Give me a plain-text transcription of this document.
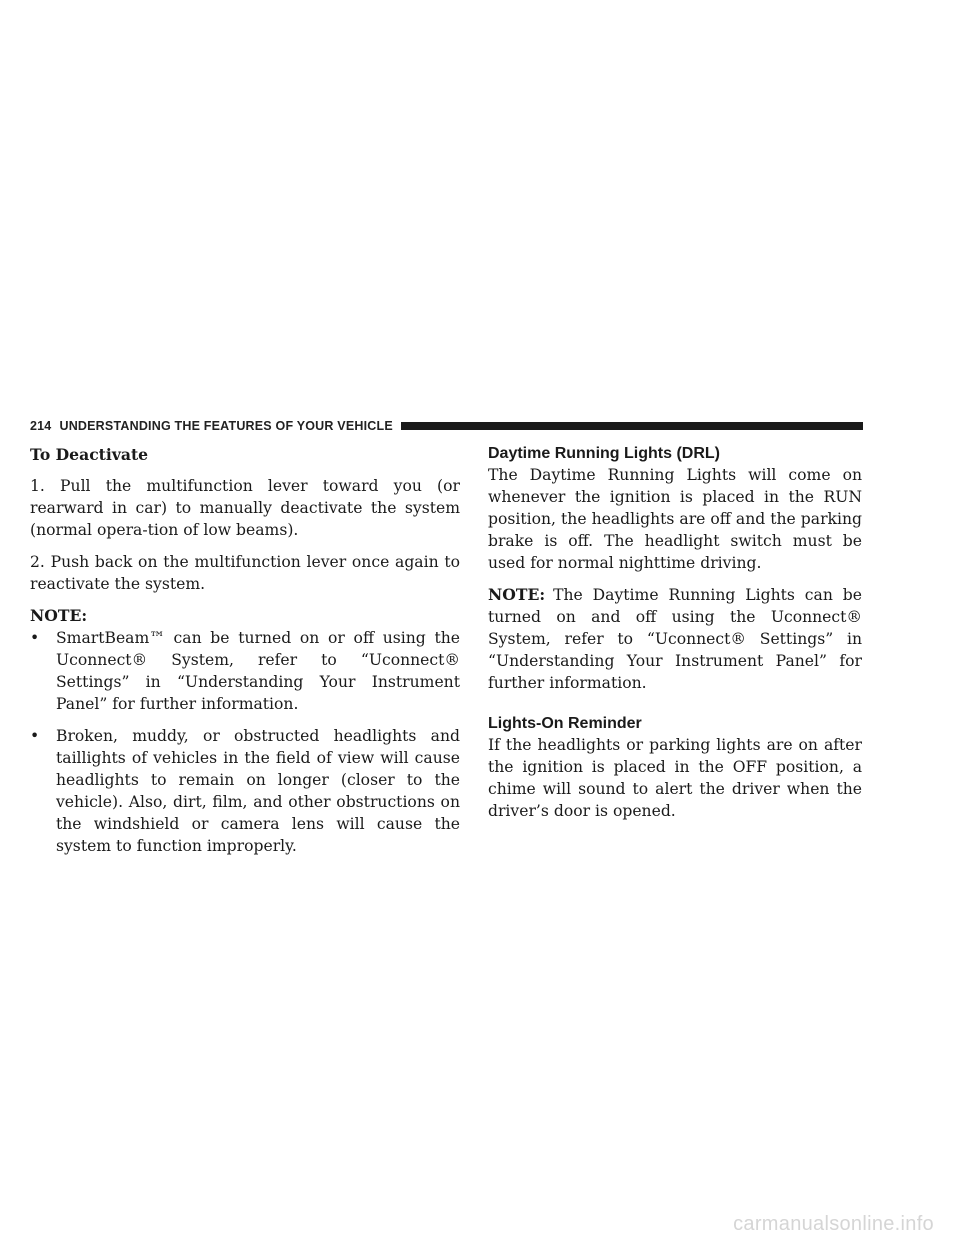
214 UNDERSTANDING THE FEATURES OF YOUR VEHICLE

To Deactivate

1. Pull the multifunction lever toward you (or rearward in car) to manually deactivate the system (normal opera-tion of low beams).

2. Push back on the multifunction lever once again to reactivate the system.

NOTE:

• SmartBeam™ can be turned on or off using the Uconnect® System, refer to “Uconnect® Settings” in “Understanding Your Instrument Panel” for further information.
• Broken, muddy, or obstructed headlights and taillights of vehicles in the field of view will cause headlights to remain on longer (closer to the vehicle). Also, dirt, film, and other obstructions on the windshield or camera lens will cause the system to function improperly.

Daytime Running Lights (DRL)

The Daytime Running Lights will come on whenever the ignition is placed in the RUN position, the headlights are off and the parking brake is off. The headlight switch must be used for normal nighttime driving.

NOTE: The Daytime Running Lights can be turned on and off using the Uconnect® System, refer to “Uconnect® Settings” in “Understanding Your Instrument Panel” for further information.

Lights-On Reminder

If the headlights or parking lights are on after the ignition is placed in the OFF position, a chime will sound to alert the driver when the driver’s door is opened.

carmanualsonline.info
